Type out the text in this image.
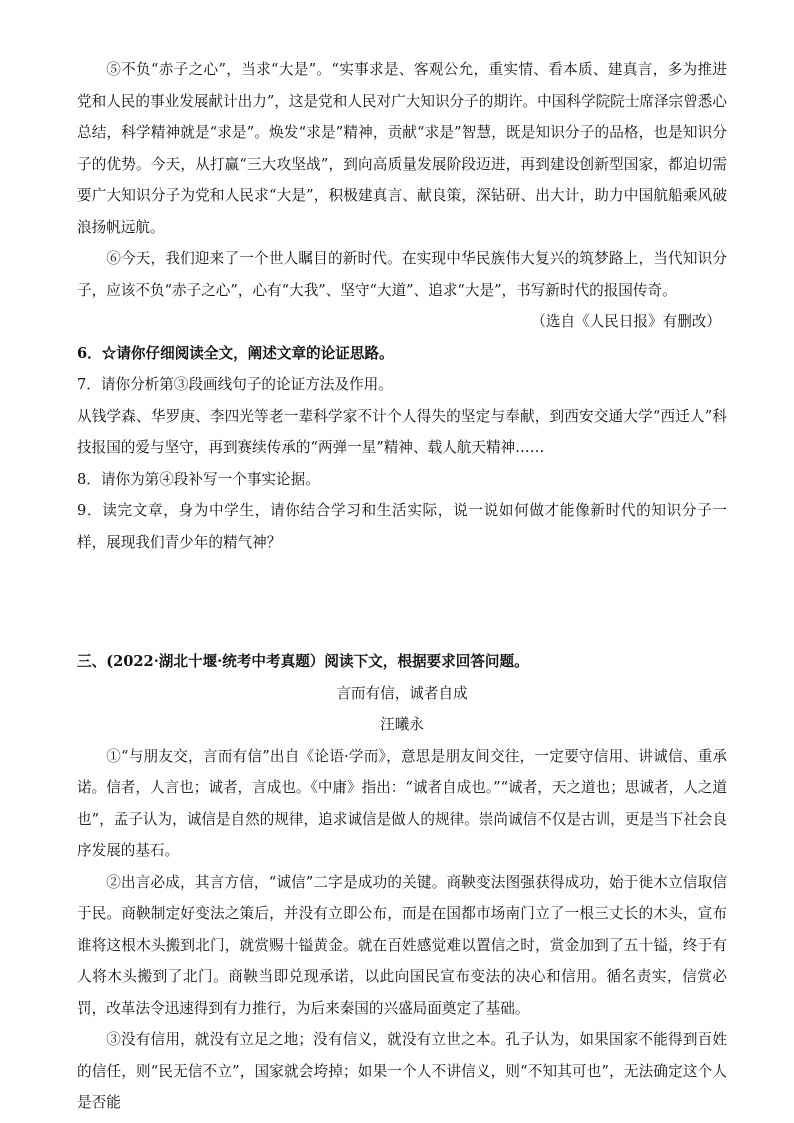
⑤不负“赤子之心”，当求“大是”。“实事求是、客观公允，重实情、看本质、建真言，多为推进党和人民的事业发展献计出力”，这是党和人民对广大知识分子的期许。中国科学院院士席泽宗曾悉心总结，科学精神就是“求是”。焕发“求是”精神，贡献“求是”智慧，既是知识分子的品格，也是知识分子的优势。今天，从打赢“三大攻坚战”，到向高质量发展阶段迈进，再到建设创新型国家，都迫切需要广大知识分子为党和人民求“大是”，积极建真言、献良策，深钻研、出大计，助力中国航船乘风破浪扬帆远航。

⑥今天，我们迎来了一个世人瞩目的新时代。在实现中华民族伟大复兴的筑梦路上，当代知识分子，应该不负“赤子之心”，心有“大我”、坚守“大道”、追求“大是”，书写新时代的报国传奇。

（选自《人民日报》有删改）

6．☆请你仔细阅读全文，阐述文章的论证思路。

7．请你分析第③段画线句子的论证方法及作用。

从钱学森、华罗庚、李四光等老一辈科学家不计个人得失的坚定与奉献，到西安交通大学“西迁人”科技报国的爱与坚守，再到赛续传承的“两弹一星”精神、载人航天精神……

8．请你为第④段补写一个事实论据。

9．读完文章，身为中学生，请你结合学习和生活实际，说一说如何做才能像新时代的知识分子一样，展现我们青少年的精气神？

三、(2022·湖北十堰·统考中考真题）阅读下文，根据要求回答问题。

言而有信，诚者自成

汪曦永

①“与朋友交，言而有信”出自《论语·学而》，意思是朋友间交往，一定要守信用、讲诚信、重承诺。信者，人言也；诚者，言成也。《中庸》指出：“诚者自成也。”“诚者，天之道也；思诚者，人之道也”，孟子认为，诚信是自然的规律，追求诚信是做人的规律。崇尚诚信不仅是古训，更是当下社会良序发展的基石。

②出言必成，其言方信，“诚信”二字是成功的关键。商鞅变法图强获得成功，始于徙木立信取信于民。商鞅制定好变法之策后，并没有立即公布，而是在国都市场南门立了一根三丈长的木头，宣布谁将这根木头搬到北门，就赏赐十镒黄金。就在百姓感觉难以置信之时，赏金加到了五十镒，终于有人将木头搬到了北门。商鞅当即兑现承诺，以此向国民宣布变法的决心和信用。循名责实，信赏必罚，改革法令迅速得到有力推行，为后来秦国的兴盛局面奠定了基础。

③没有信用，就没有立足之地；没有信义，就没有立世之本。孔子认为，如果国家不能得到百姓的信任，则“民无信不立”，国家就会垮掉；如果一个人不讲信义，则“不知其可也”，无法确定这个人是否能
